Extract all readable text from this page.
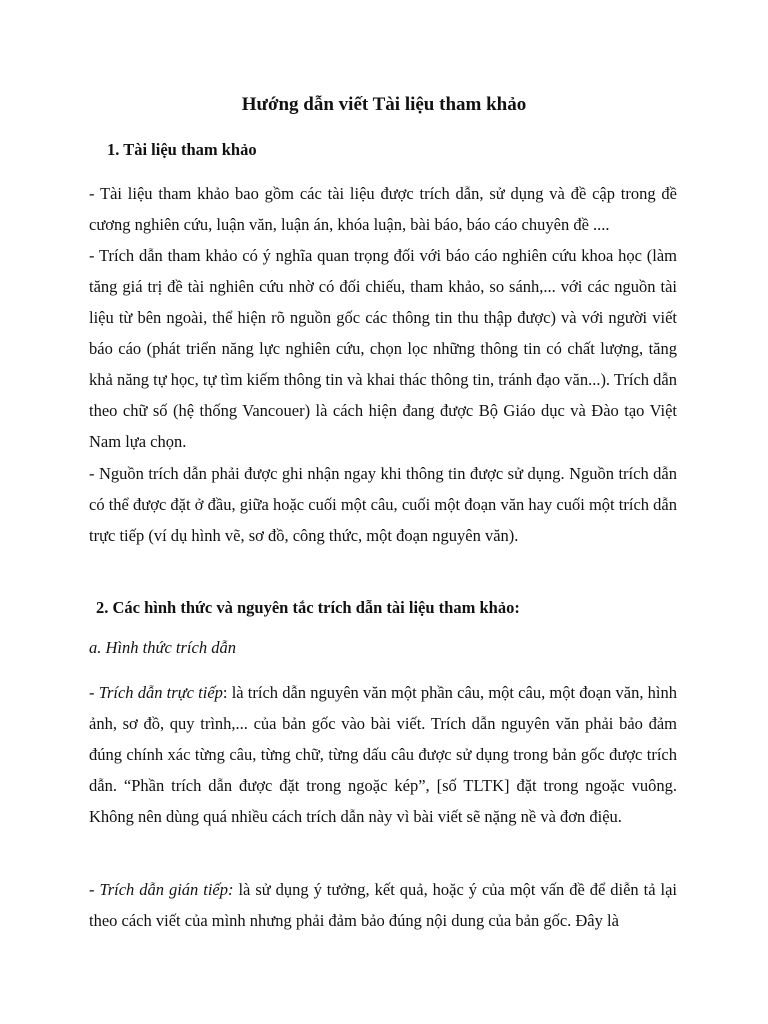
Hướng dẫn viết Tài liệu tham khảo
1. Tài liệu tham khảo
- Tài liệu tham khảo bao gồm các tài liệu được trích dẫn, sử dụng và đề cập trong đề cương nghiên cứu, luận văn, luận án, khóa luận, bài báo, báo cáo chuyên đề ....
- Trích dẫn tham khảo có ý nghĩa quan trọng đối với báo cáo nghiên cứu khoa học (làm tăng giá trị đề tài nghiên cứu nhờ có đối chiếu, tham khảo, so sánh,... với các nguồn tài liệu từ bên ngoài, thể hiện rõ nguồn gốc các thông tin thu thập được) và với người viết báo cáo (phát triển năng lực nghiên cứu, chọn lọc những thông tin có chất lượng, tăng khả năng tự học, tự tìm kiếm thông tin và khai thác thông tin, tránh đạo văn...). Trích dẫn theo chữ số (hệ thống Vancouer) là cách hiện đang được Bộ Giáo dục và Đào tạo Việt Nam lựa chọn.
- Nguồn trích dẫn phải được ghi nhận ngay khi thông tin được sử dụng. Nguồn trích dẫn có thể được đặt ở đầu, giữa hoặc cuối một câu, cuối một đoạn văn hay cuối một trích dẫn trực tiếp (ví dụ hình vẽ, sơ đồ, công thức, một đoạn nguyên văn).
2. Các hình thức và nguyên tắc trích dẫn tài liệu tham khảo:
a. Hình thức trích dẫn
- Trích dẫn trực tiếp: là trích dẫn nguyên văn một phần câu, một câu, một đoạn văn, hình ảnh, sơ đồ, quy trình,... của bản gốc vào bài viết. Trích dẫn nguyên văn phải bảo đảm đúng chính xác từng câu, từng chữ, từng dấu câu được sử dụng trong bản gốc được trích dẫn. “Phần trích dẫn được đặt trong ngoặc kép”, [số TLTK] đặt trong ngoặc vuông. Không nên dùng quá nhiều cách trích dẫn này vì bài viết sẽ nặng nề và đơn điệu.
- Trích dẫn gián tiếp: là sử dụng ý tưởng, kết quả, hoặc ý của một vấn đề để diễn tả lại theo cách viết của mình nhưng phải đảm bảo đúng nội dung của bản gốc. Đây là
